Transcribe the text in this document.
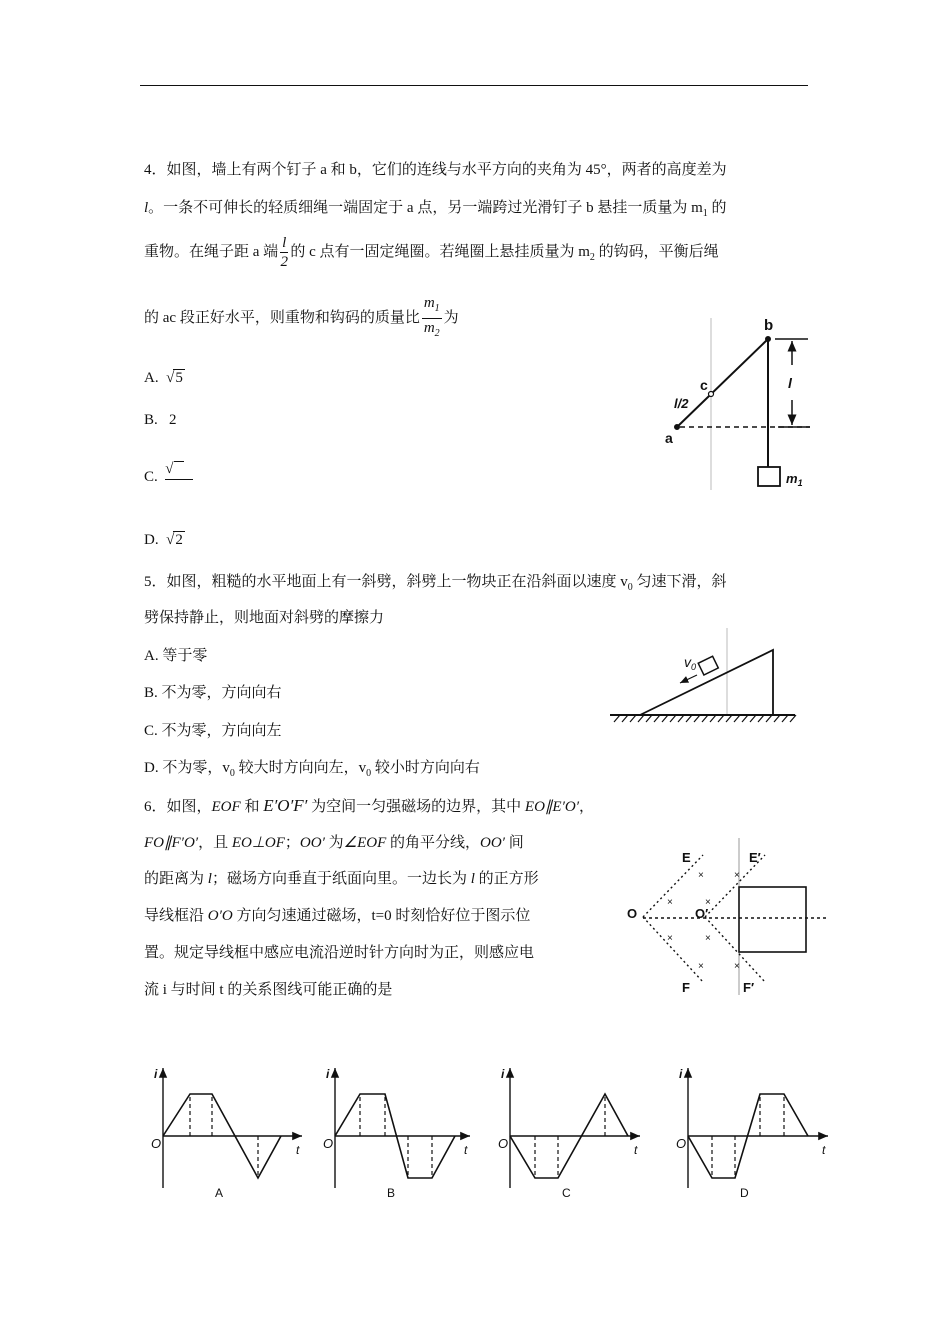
4．如图，墙上有两个钉子 a 和 b，它们的连线与水平方向的夹角为 45°，两者的高度差为
l。一条不可伸长的轻质细绳一端固定于 a 点，另一端跨过光滑钉子 b 悬挂一质量为 $m_1$ 的
重物。在绳子距 a 端 $\frac{l}{2}$ 的 c 点有一固定绳圈。若绳圈上悬挂质量为 $m_2$ 的钩码，平衡后绳
的 ac 段正好水平，则重物和钩码的质量比 $\frac{m_1}{m_2}$ 为
A.  √5
B. 2
C. √
D.  √2
5．如图，粗糙的水平地面上有一斜劈，斜劈上一物块正在沿斜面以速度 $v_0$ 匀速下滑，斜
劈保持静止，则地面对斜劈的摩擦力
A. 等于零
B. 不为零，方向向右
C. 不为零，方向向左
D. 不为零，$v_0$ 较大时方向向左，$v_0$ 较小时方向向右
6．如图，EOF 和 E′O′F′ 为空间一匀强磁场的边界，其中 EO∥E′O′，
FO∥F′O′，且 EO⊥OF；OO′ 为∠EOF 的角平分线，OO′ 间
的距离为 l；磁场方向垂直于纸面向里。一边长为 l 的正方形
导线框沿 O′O 方向匀速通过磁场，t=0 时刻恰好位于图示位
置。规定导线框中感应电流沿逆时针方向时为正，则感应电
流 i 与时间 t 的关系图线可能正确的是
b
c
a
l/2
l
$m_1$
$v_0$
×	×
×	×
×	×
×	×
E	E′
O	O′
F	F′
i
O	t
A
i
O	t
B
i
O	t
C
i
O	t
D
